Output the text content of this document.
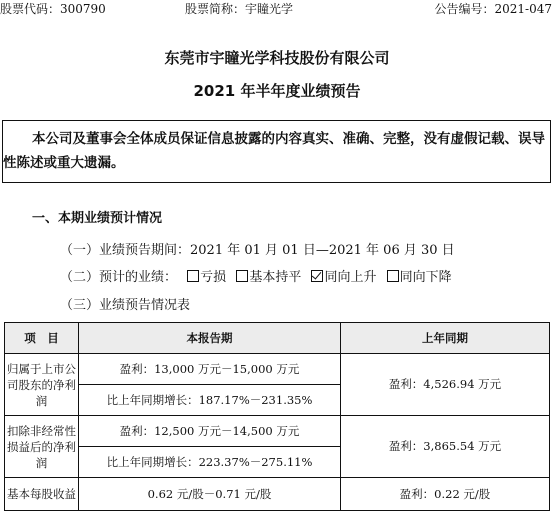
股票代码：300790	股票简称：宇瞳光学	公告编号：2021-047
东莞市宇瞳光学科技股份有限公司
2021 年半年度业绩预告
本公司及董事会全体成员保证信息披露的内容真实、准确、完整，没有虚假记载、误导性陈述或重大遗漏。
一、本期业绩预计情况
（一）业绩预告期间：2021 年 01 月 01 日—2021 年 06 月 30 日
（二）预计的业绩： 亏损 基本持平 同向上升 同向下降
（三）业绩预告情况表
项　目	本报告期	上年同期
归属于上市公司股东的净利润	盈利：13,000 万元－15,000 万元	盈利：4,526.94 万元
	比上年同期增长：187.17%－231.35%	
扣除非经常性损益后的净利润	盈利：12,500 万元－14,500 万元	盈利：3,865.54 万元
	比上年同期增长：223.37%－275.11%	
基本每股收益	0.62 元/股－0.71 元/股	盈利：0.22 元/股
